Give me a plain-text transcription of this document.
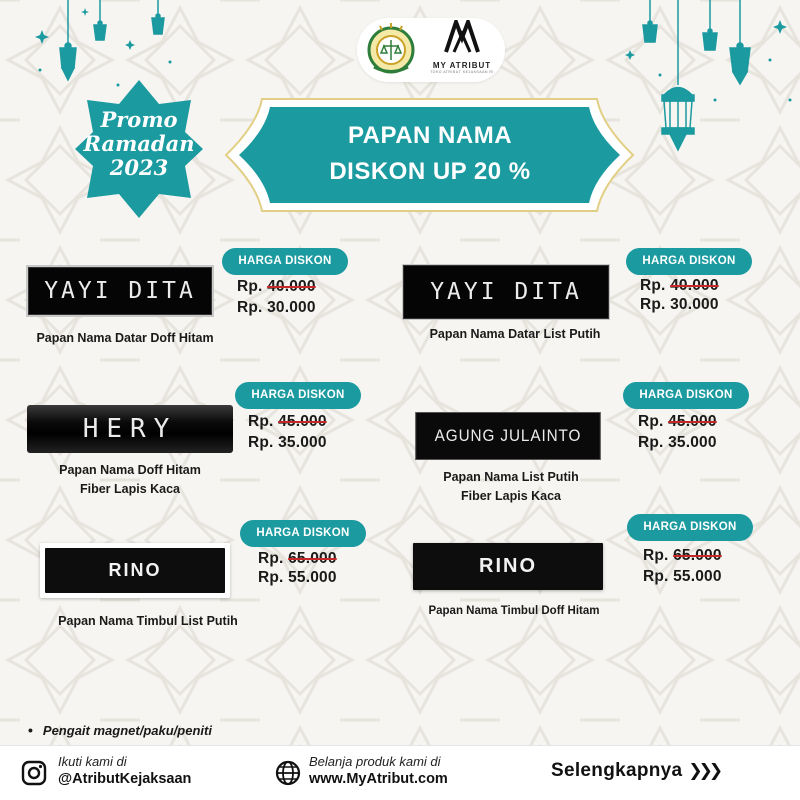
MY ATRIBUT
TOKO ATRIBUT KEJAKSAAN RI
Promo
Ramadan
2023
PAPAN NAMA
DISKON UP 20 %
YAYI DITA
HARGA DISKON
Rp. 40.000
Rp. 30.000
Papan Nama Datar Doff Hitam
YAYI DITA
HARGA DISKON
Rp. 40.000
Rp. 30.000
Papan Nama Datar List Putih
HERY
HARGA DISKON
Rp. 45.000
Rp. 35.000
Papan Nama Doff Hitam
Fiber Lapis Kaca
AGUNG JULAINTO
HARGA DISKON
Rp. 45.000
Rp. 35.000
Papan Nama List Putih
Fiber Lapis Kaca
RINO
HARGA DISKON
Rp. 65.000
Rp. 55.000
Papan Nama Timbul List Putih
RINO
HARGA DISKON
Rp. 65.000
Rp. 55.000
Papan Nama Timbul Doff Hitam
• Pengait magnet/paku/peniti
Ikuti kami di
@AtributKejaksaan
Belanja produk kami di
www.MyAtribut.com	Selengkapnya ❯❯❯
